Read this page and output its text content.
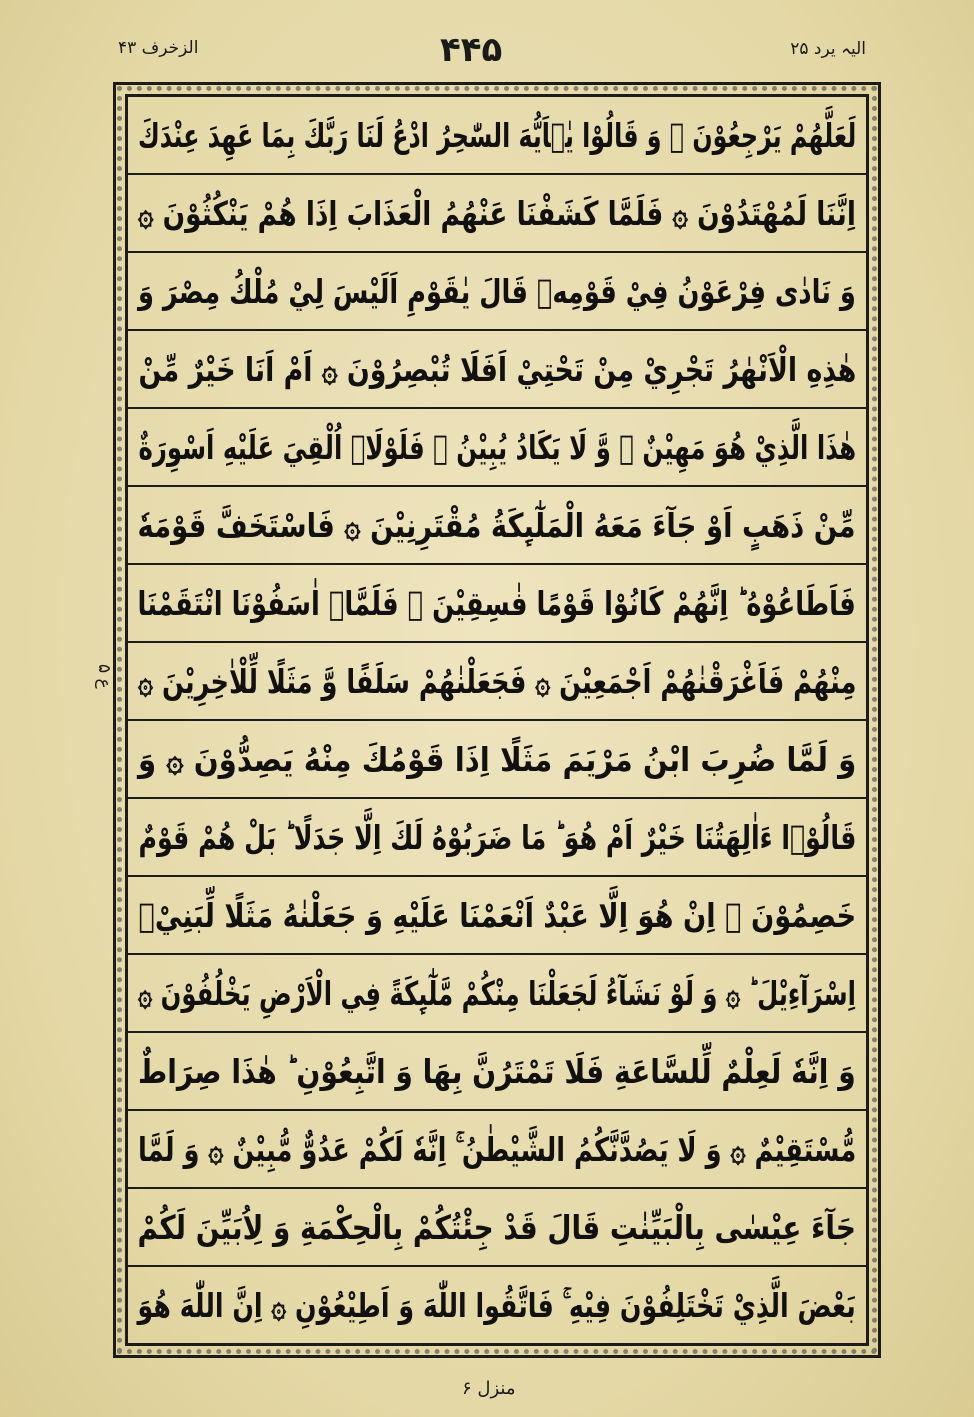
الزخرف ۴۳	۴۴۵	الیہ یرد ۲۵
لَعَلَّهُمْ يَرْجِعُوْنَ ۞ وَ قَالُوْا يٰۤاَيُّهَ السّٰحِرُ ادْعُ لَنَا رَبَّكَ بِمَا عَهِدَ عِنْدَكَ
اِنَّنَا لَمُهْتَدُوْنَ ۞ فَلَمَّا كَشَفْنَا عَنْهُمُ الْعَذَابَ اِذَا هُمْ يَنْكُثُوْنَ ۞
وَ نَادٰى فِرْعَوْنُ فِيْ قَوْمِهٖ قَالَ يٰقَوْمِ اَلَيْسَ لِيْ مُلْكُ مِصْرَ وَ
هٰذِهِ الْاَنْهٰرُ تَجْرِيْ مِنْ تَحْتِيْ اَفَلَا تُبْصِرُوْنَ ۞ اَمْ اَنَا خَيْرٌ مِّنْ
هٰذَا الَّذِيْ هُوَ مَهِيْنٌ ۙ وَّ لَا يَكَادُ يُبِيْنُ ۞ فَلَوْلَاۤ اُلْقِيَ عَلَيْهِ اَسْوِرَةٌ
مِّنْ ذَهَبٍ اَوْ جَآءَ مَعَهُ الْمَلٰٓىِٕكَةُ مُقْتَرِنِيْنَ ۞ فَاسْتَخَفَّ قَوْمَهٗ
فَاَطَاعُوْهُ ؕ اِنَّهُمْ كَانُوْا قَوْمًا فٰسِقِيْنَ ۞ فَلَمَّاۤ اٰسَفُوْنَا انْتَقَمْنَا
مِنْهُمْ فَاَغْرَقْنٰهُمْ اَجْمَعِيْنَ ۞ فَجَعَلْنٰهُمْ سَلَفًا وَّ مَثَلًا لِّلْاٰخِرِيْنَ ۞
وَ لَمَّا ضُرِبَ ابْنُ مَرْيَمَ مَثَلًا اِذَا قَوْمُكَ مِنْهُ يَصِدُّوْنَ ۞ وَ
قَالُوْۤا ءَاٰلِهَتُنَا خَيْرٌ اَمْ هُوَ ؕ مَا ضَرَبُوْهُ لَكَ اِلَّا جَدَلًا ؕ بَلْ هُمْ قَوْمٌ
خَصِمُوْنَ ۞ اِنْ هُوَ اِلَّا عَبْدٌ اَنْعَمْنَا عَلَيْهِ وَ جَعَلْنٰهُ مَثَلًا لِّبَنِيْۤ
اِسْرَآءِيْلَ ؕ ۞ وَ لَوْ نَشَآءُ لَجَعَلْنَا مِنْكُمْ مَّلٰٓىِٕكَةً فِي الْاَرْضِ يَخْلُفُوْنَ ۞
وَ اِنَّهٗ لَعِلْمٌ لِّلسَّاعَةِ فَلَا تَمْتَرُنَّ بِهَا وَ اتَّبِعُوْنِ ؕ هٰذَا صِرَاطٌ
مُّسْتَقِيْمٌ ۞ وَ لَا يَصُدَّنَّكُمُ الشَّيْطٰنُ ۚ اِنَّهٗ لَكُمْ عَدُوٌّ مُّبِيْنٌ ۞ وَ لَمَّا
جَآءَ عِيْسٰى بِالْبَيِّنٰتِ قَالَ قَدْ جِئْتُكُمْ بِالْحِكْمَةِ وَ لِاُبَيِّنَ لَكُمْ
بَعْضَ الَّذِيْ تَخْتَلِفُوْنَ فِيْهِ ۚ فَاتَّقُوا اللّٰهَ وَ اَطِيْعُوْنِ ۞ اِنَّ اللّٰهَ هُوَ
ع ۵
منزل ۶
